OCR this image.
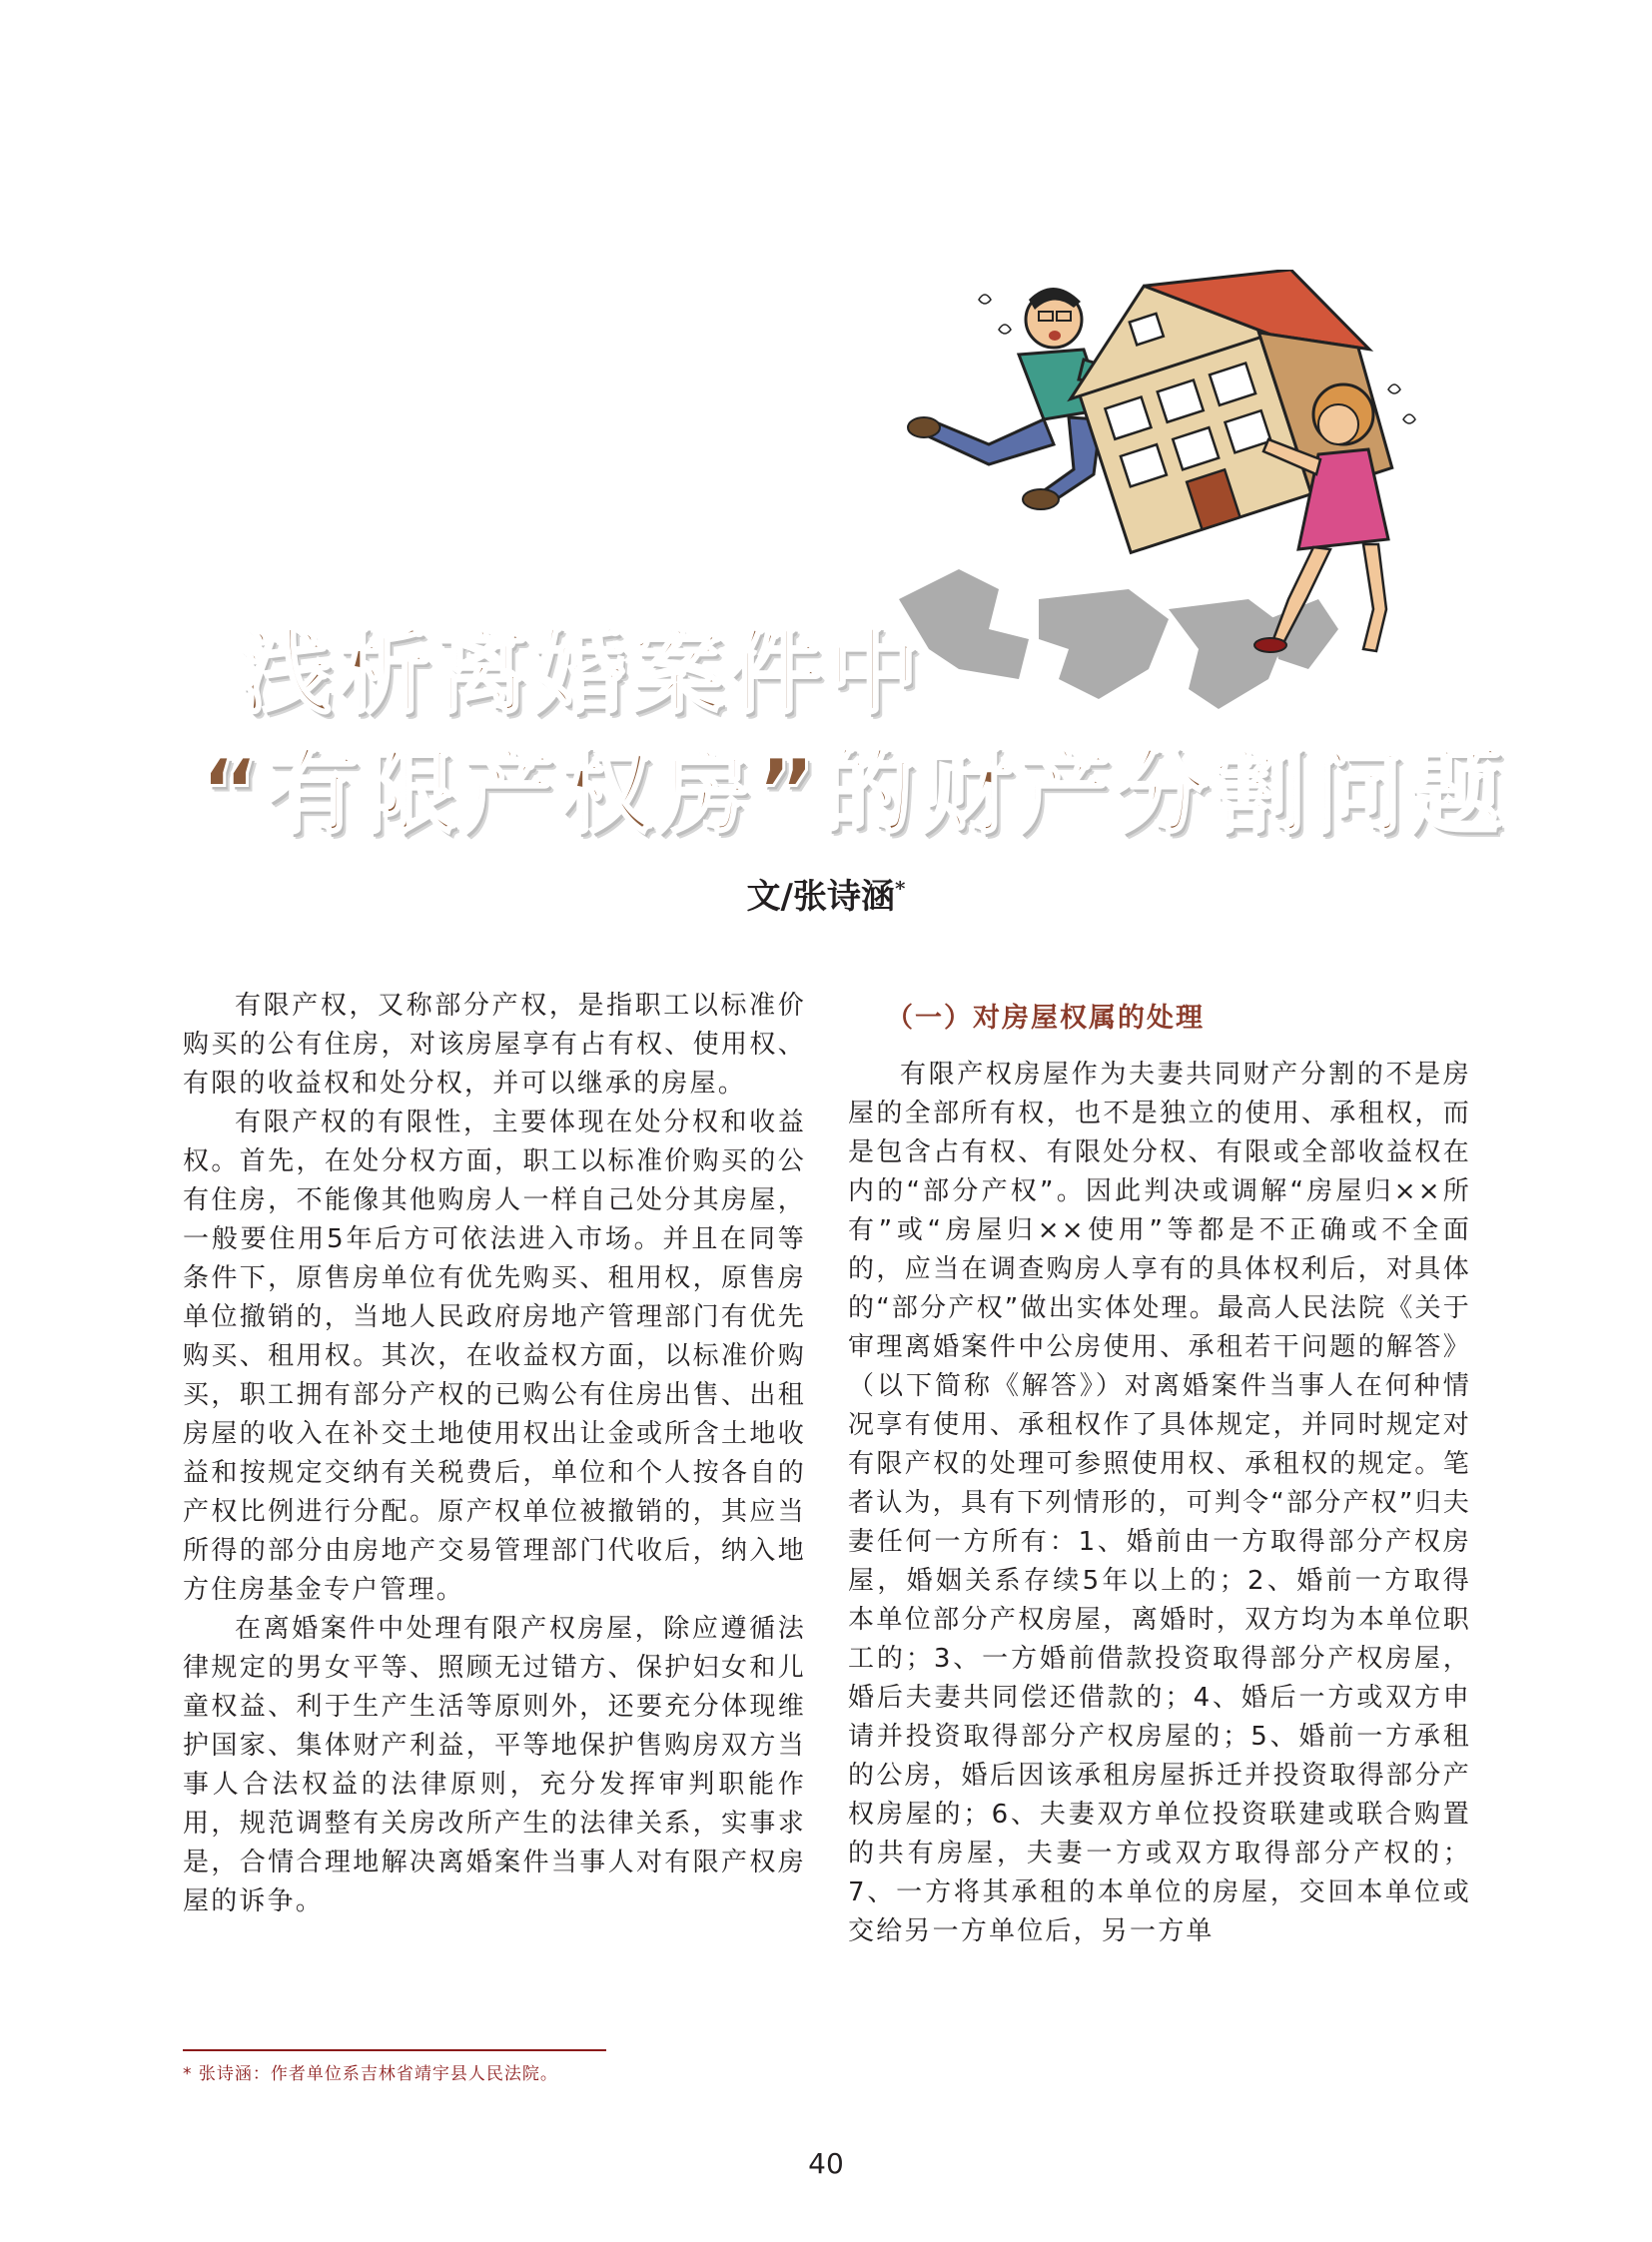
浅析离婚案件中
“有限产权房”的财产分割问题
文/张诗涵*

有限产权，又称部分产权，是指职工以标准价购买的公有住房，对该房屋享有占有权、使用权、有限的收益权和处分权，并可以继承的房屋。

有限产权的有限性，主要体现在处分权和收益权。首先，在处分权方面，职工以标准价购买的公有住房，不能像其他购房人一样自己处分其房屋，一般要住用5年后方可依法进入市场。并且在同等条件下，原售房单位有优先购买、租用权，原售房单位撤销的，当地人民政府房地产管理部门有优先购买、租用权。其次，在收益权方面，以标准价购买，职工拥有部分产权的已购公有住房出售、出租房屋的收入在补交土地使用权出让金或所含土地收益和按规定交纳有关税费后，单位和个人按各自的产权比例进行分配。原产权单位被撤销的，其应当所得的部分由房地产交易管理部门代收后，纳入地方住房基金专户管理。

在离婚案件中处理有限产权房屋，除应遵循法律规定的男女平等、照顾无过错方、保护妇女和儿童权益、利于生产生活等原则外，还要充分体现维护国家、集体财产利益，平等地保护售购房双方当事人合法权益的法律原则，充分发挥审判职能作用，规范调整有关房改所产生的法律关系，实事求是，合情合理地解决离婚案件当事人对有限产权房屋的诉争。

（一）对房屋权属的处理

有限产权房屋作为夫妻共同财产分割的不是房屋的全部所有权，也不是独立的使用、承租权，而是包含占有权、有限处分权、有限或全部收益权在内的“部分产权”。因此判决或调解“房屋归××所有”或“房屋归××使用”等都是不正确或不全面的，应当在调查购房人享有的具体权利后，对具体的“部分产权”做出实体处理。最高人民法院《关于审理离婚案件中公房使用、承租若干问题的解答》（以下简称《解答》）对离婚案件当事人在何种情况享有使用、承租权作了具体规定，并同时规定对有限产权的处理可参照使用权、承租权的规定。笔者认为，具有下列情形的，可判令“部分产权”归夫妻任何一方所有：1、婚前由一方取得部分产权房屋，婚姻关系存续5年以上的；2、婚前一方取得本单位部分产权房屋，离婚时，双方均为本单位职工的；3、一方婚前借款投资取得部分产权房屋，婚后夫妻共同偿还借款的；4、婚后一方或双方申请并投资取得部分产权房屋的；5、婚前一方承租的公房，婚后因该承租房屋拆迁并投资取得部分产权房屋的；6、夫妻双方单位投资联建或联合购置的共有房屋，夫妻一方或双方取得部分产权的；7、一方将其承租的本单位的房屋，交回本单位或交给另一方单位后，另一方单

* 张诗涵：作者单位系吉林省靖宇县人民法院。
40
